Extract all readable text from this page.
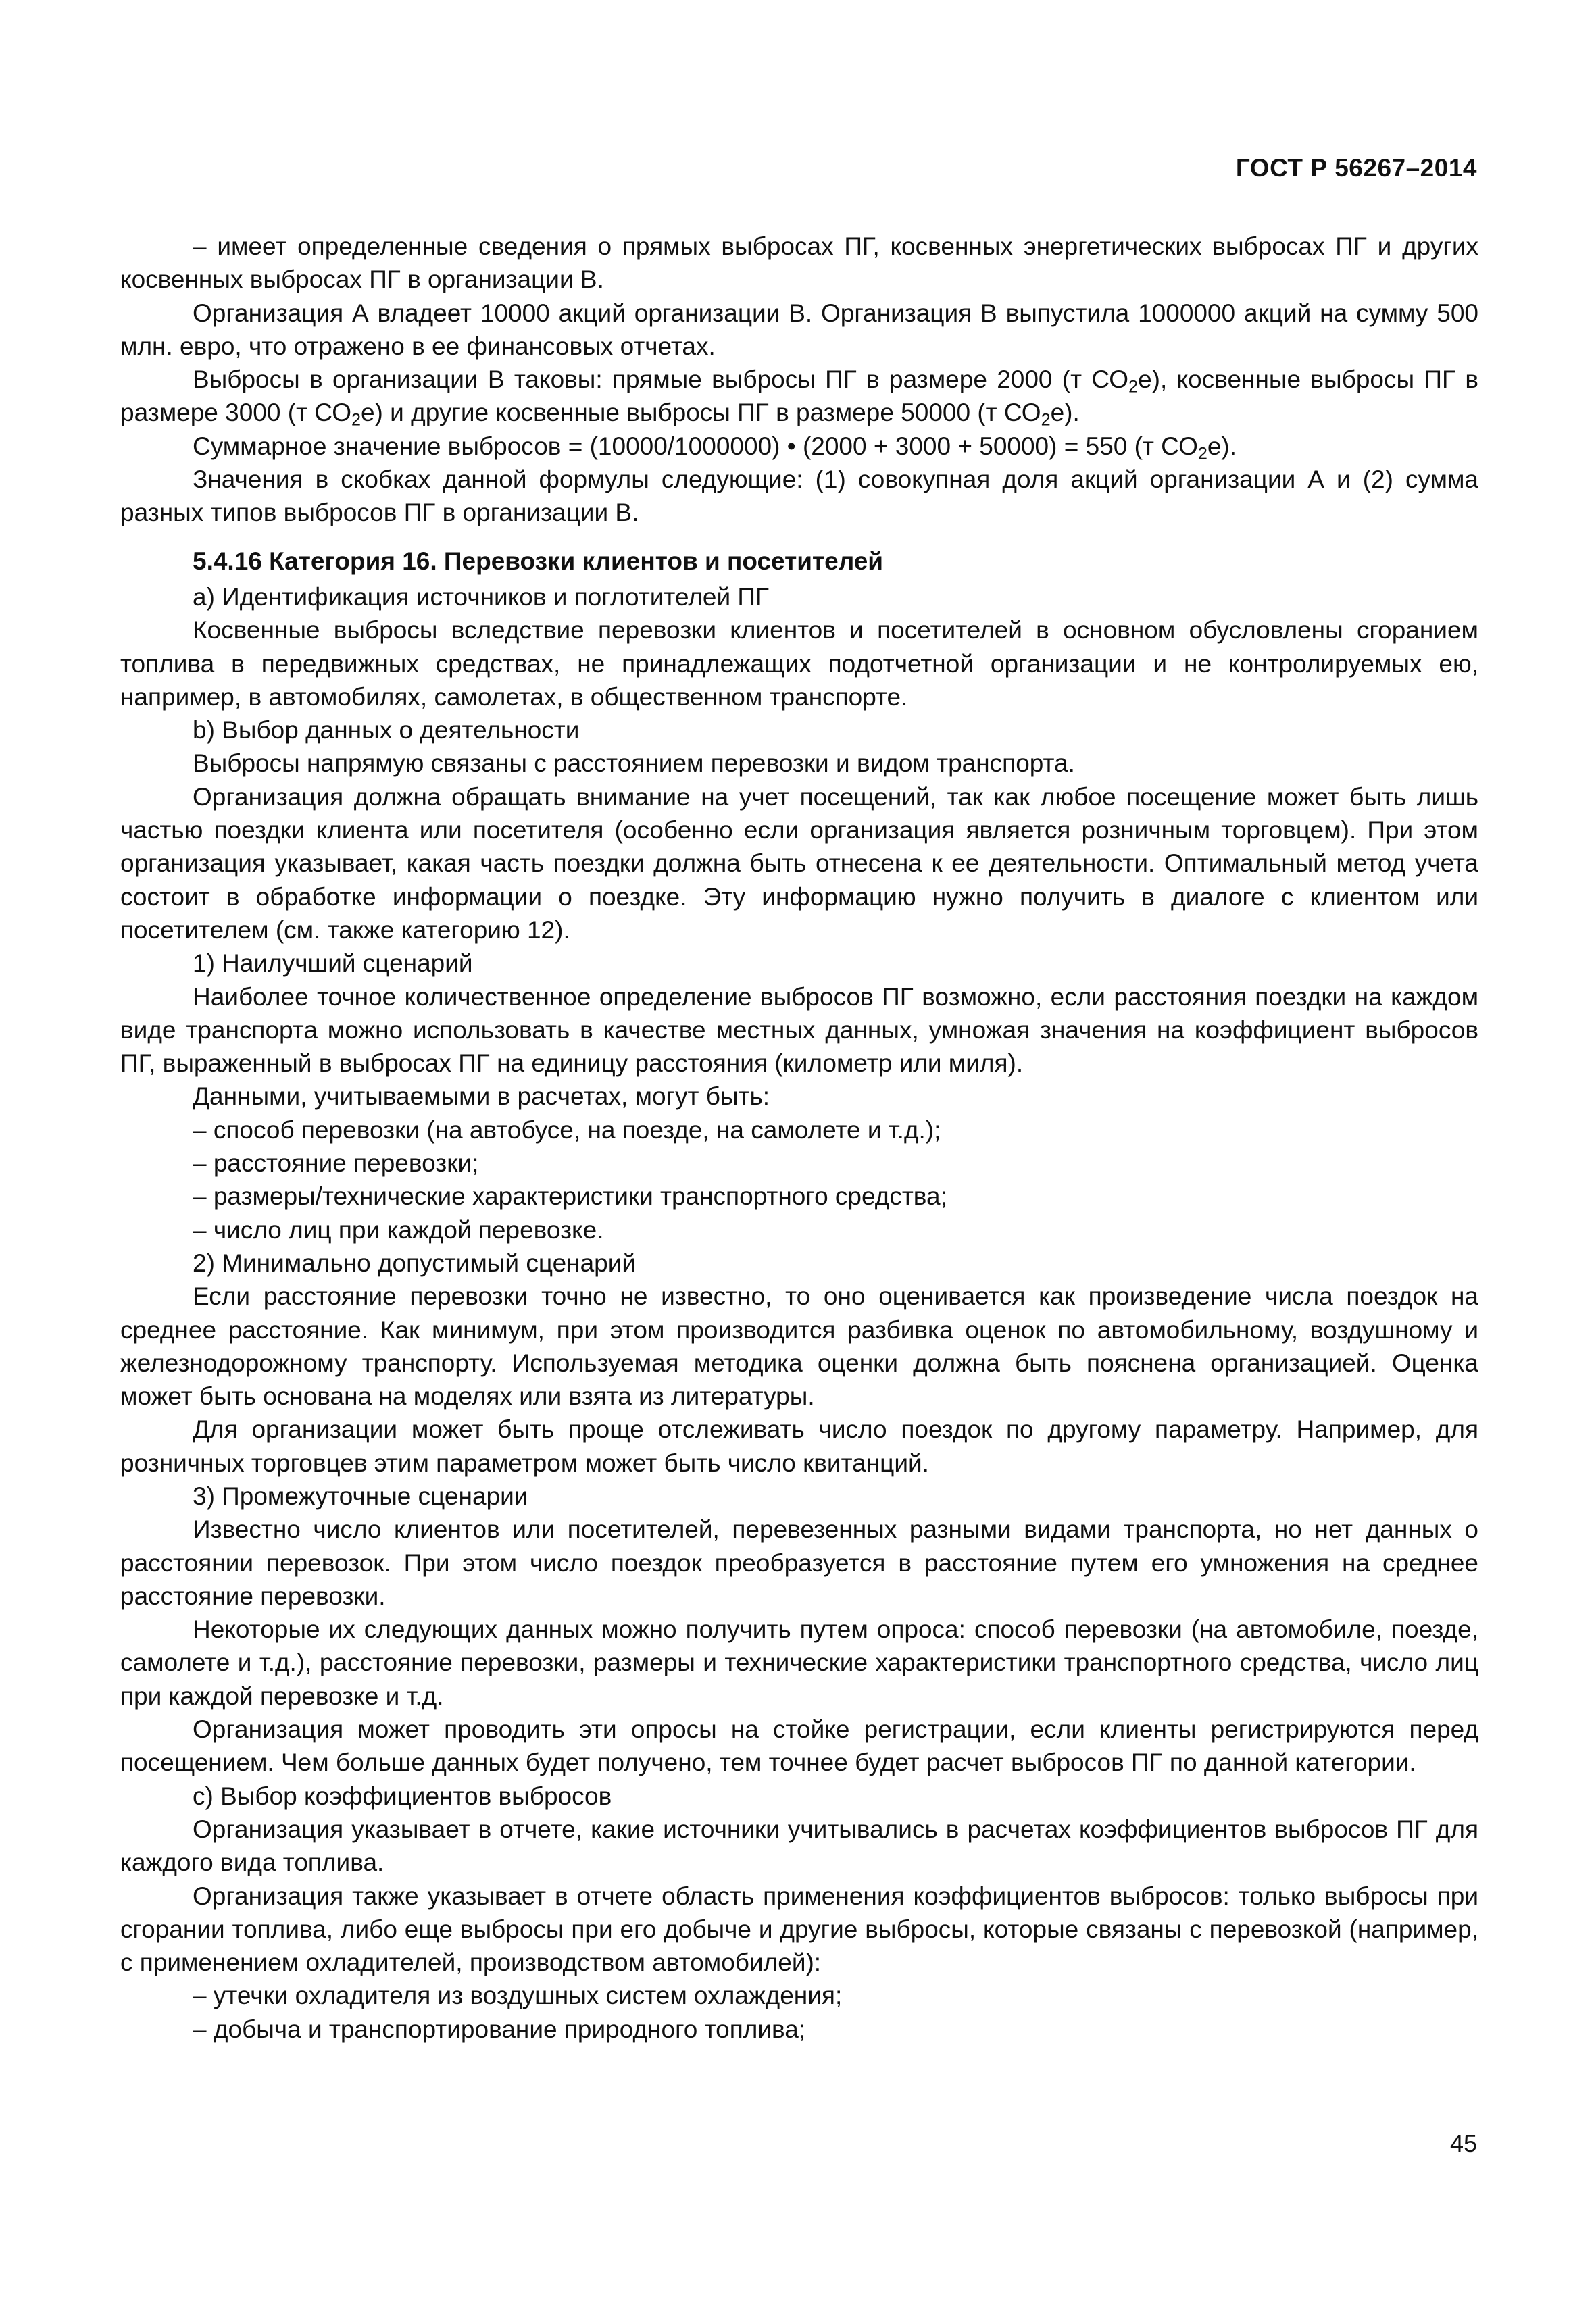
ГОСТ Р 56267–2014

– имеет определенные сведения о прямых выбросах ПГ, косвенных энергетических выбросах ПГ и других косвенных выбросах ПГ в организации В.

Организация А владеет 10000 акций организации В. Организация В выпустила 1000000 акций на сумму 500 млн. евро, что отражено в ее финансовых отчетах.

Выбросы в организации В таковы: прямые выбросы ПГ в размере 2000 (т $СО_2е$), косвенные выбросы ПГ в размере 3000 (т $СО_2е$) и другие косвенные выбросы ПГ в размере 50000 (т $СО_2е$).

Суммарное значение выбросов = (10000/1000000) • (2000 + 3000 + 50000) = 550 (т $СО_2е$).

Значения в скобках данной формулы следующие: (1) совокупная доля акций организации А и (2) сумма разных типов выбросов ПГ в организации В.

5.4.16 Категория 16. Перевозки клиентов и посетителей

a) Идентификация источников и поглотителей ПГ

Косвенные выбросы вследствие перевозки клиентов и посетителей в основном обусловлены сгоранием топлива в передвижных средствах, не принадлежащих подотчетной организации и не контролируемых ею, например, в автомобилях, самолетах, в общественном транспорте.

b) Выбор данных о деятельности

Выбросы напрямую связаны с расстоянием перевозки и видом транспорта.

Организация должна обращать внимание на учет посещений, так как любое посещение может быть лишь частью поездки клиента или посетителя (особенно если организация является розничным торговцем). При этом организация указывает, какая часть поездки должна быть отнесена к ее деятельности. Оптимальный метод учета состоит в обработке информации о поездке. Эту информацию нужно получить в диалоге с клиентом или посетителем (см. также категорию 12).

1) Наилучший сценарий

Наиболее точное количественное определение выбросов ПГ возможно, если расстояния поездки на каждом виде транспорта можно использовать в качестве местных данных, умножая значения на коэффициент выбросов ПГ, выраженный в выбросах ПГ на единицу расстояния (километр или миля).

Данными, учитываемыми в расчетах, могут быть:

– способ перевозки (на автобусе, на поезде, на самолете и т.д.);

– расстояние перевозки;

– размеры/технические характеристики транспортного средства;

– число лиц при каждой перевозке.

2) Минимально допустимый сценарий

Если расстояние перевозки точно не известно, то оно оценивается как произведение числа поездок на среднее расстояние. Как минимум, при этом производится разбивка оценок по автомобильному, воздушному и железнодорожному транспорту. Используемая методика оценки должна быть пояснена организацией. Оценка может быть основана на моделях или взята из литературы.

Для организации может быть проще отслеживать число поездок по другому параметру. Например, для розничных торговцев этим параметром может быть число квитанций.

3) Промежуточные сценарии

Известно число клиентов или посетителей, перевезенных разными видами транспорта, но нет данных о расстоянии перевозок. При этом число поездок преобразуется в расстояние путем его умножения на среднее расстояние перевозки.

Некоторые их следующих данных можно получить путем опроса: способ перевозки (на автомобиле, поезде, самолете и т.д.), расстояние перевозки, размеры и технические характеристики транспортного средства, число лиц при каждой перевозке и т.д.

Организация может проводить эти опросы на стойке регистрации, если клиенты регистрируются перед посещением. Чем больше данных будет получено, тем точнее будет расчет выбросов ПГ по данной категории.

c) Выбор коэффициентов выбросов

Организация указывает в отчете, какие источники учитывались в расчетах коэффициентов выбросов ПГ для каждого вида топлива.

Организация также указывает в отчете область применения коэффициентов выбросов: только выбросы при сгорании топлива, либо еще выбросы при его добыче и другие выбросы, которые связаны с перевозкой (например, с применением охладителей, производством автомобилей):

– утечки охладителя из воздушных систем охлаждения;

– добыча и транспортирование природного топлива;

45
